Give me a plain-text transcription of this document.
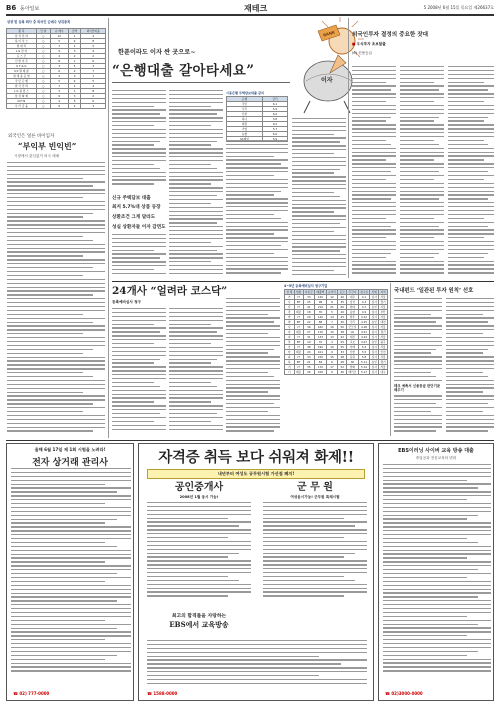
B6 동아일보	재테크	5 2008년 6월 15일 목요일 제26637호
상장 및 등록 회사 중 외국인 순매수 상위종목
종 목	단 위	순 매수	금액	외국인비중
삼 성 전 자	○	12	1	4
하 이 닉 스	○	5	4	8
현 대 차	○	7	2	5
L G 전 자	○	9	3	9
포 스 코	○	4	2	2
신 한 지 주	○	8	1	6
K T & G	○	3	5	3
S K 텔 레 콤	○	6	2	7
현 대 중 공 업	○	2	3	1
국 민 은 행	○	5	4	5
한 국 전 력	○	7	2	4
L G 필 립 스	○	3	1	8
삼 성 화 재	○	9	3	2
N H N	○	4	5	6
우 리 금 융	○	6	2	3
외국인은 얼른 바이입자
“부익부 빈익빈”
시장에서 관심없이 외국 매매
한푼이라도 이자 싼 곳으로~
“은행대출 갈아타세요”
BANK
이자
신규 주택담보 대출
최저 5.7%대 상품 등장
상환조건 그게 달라도
성실 상환자들 이자 감면도
시중은행 주택담보대출 금리
은행	금리
국민	6.1
우리	5.9
신한	6.0
하나	5.8
외환	6.2
기업	5.7
농협	6.0
SC제일	5.9
외국인투자 결정의 중요한 잣대
■ 우식투자 초보탈출
(6) 신용등급
24개사 “얼려라 코스닥”
등록예비심사 청구
4~5년 등록예비심사 청구기업
업 체	업종	자본금	매출액	순이익	공모	주간사	청구일	상태	지역
가	IT	33	120	12	40	대우	4.1	심사	서울
나	BT	25	98	8	35	삼성	4.3	심사	경기
다	IT	41	210	21	60	현대	4.7	승인	서울
라	제조	18	76	5	20	동양	4.9	심사	부산
마	IT	29	140	14	45	한투	4.12	심사	서울
바	BT	22	88	7	30	우리	4.15	승인	대전
사	IT	36	160	16	50	굿모닝	4.18	심사	서울
아	제조	27	115	10	38	LG	4.21	심사	경기
자	IT	31	133	13	42	대신	4.24	심사	서울
차	BT	19	70	4	25	교보	4.27	승인	광주
카	IT	38	190	19	55	미래	5.2	심사	서울
타	제조	24	101	9	33	신한	5.5	심사	인천
파	IT	33	150	15	48	동원	5.8	심사	서울
하	BT	21	84	6	28	SK	5.11	승인	경기
거	IT	35	170	17	52	한화	5.14	심사	서울
너	제조	26	108	9	36	메리츠	5.17	심사	대구
국내펀드 ‘일관된 투자 원칙’ 선호
테크 예측서 신용등급 판단기준 배우기
올해 6월 17일 제 1회 시험을 노려라!
전자 상거래 관리사
☎ 02) 777-0000
자격증 취득 보다 쉬워져 화제!!
내년부터 여성도 공무원시험 가산점 폐지!
공인중개사
2008년 1월 응시 가능!
군 무 원
여성응시가능! 군무원 특채시험
최고의 합격률을 자랑하는
EBS에서 교육방송
☎ 1588-0000
EBS이러닝 사이버 교육 방송 대출
중앙공과 전문교육의 변화
☎ 02)3000-0000
